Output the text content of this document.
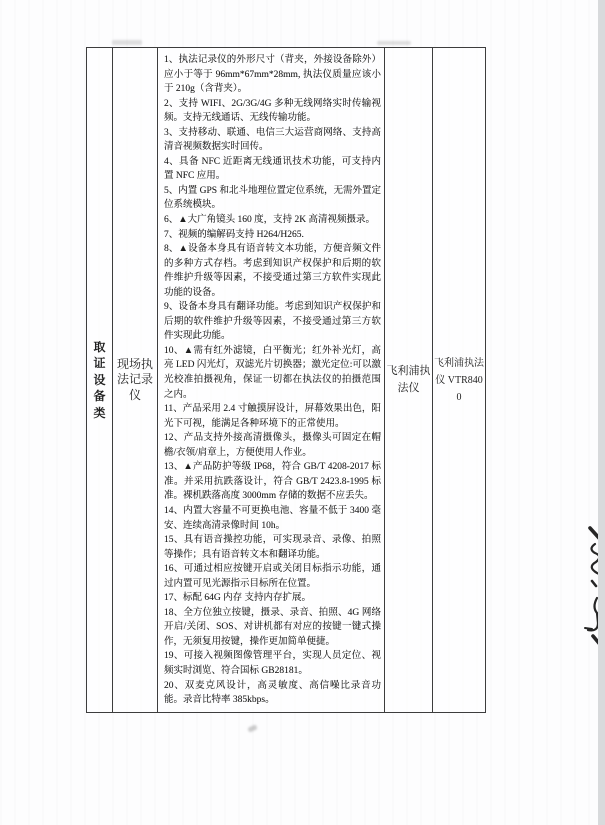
取证设备类
现场执法记录仪

1、执法记录仪的外形尺寸（背夹，外接设备除外）应小于等于 96mm*67mm*28mm, 执法仪质量应该小于 210g（含背夹）。

2、支持 WIFI、2G/3G/4G 多种无线网络实时传输视频。支持无线通话、无线传输功能。

3、支持移动、联通、电信三大运营商网络、支持高清音视频数据实时回传。

4、具备 NFC 近距离无线通讯技术功能，可支持内置 NFC 应用。

5、内置 GPS 和北斗地理位置定位系统，无需外置定位系统模块。

6、▲大广角镜头 160 度，支持 2K 高清视频摄录。

7、视频的编解码支持 H264/H265.

8、▲设备本身具有语音转文本功能，方便音频文件的多种方式存档。考虑到知识产权保护和后期的软件维护升级等因素，不接受通过第三方软件实现此功能的设备。

9、设备本身具有翻译功能。考虑到知识产权保护和后期的软件维护升级等因素，不接受通过第三方软件实现此功能。

10、▲需有红外滤镜，白平衡光；红外补光灯，高亮 LED 闪光灯，双滤光片切换器；激光定位:可以激光校准拍摄视角，保证一切都在执法仪的拍摄范围之内。

11、产品采用 2.4 寸触摸屏设计，屏幕效果出色，阳光下可视，能满足各种环境下的正常使用。

12、产品支持外接高清摄像头，摄像头可固定在帽檐/衣领/肩章上，方便使用人作业。

13、▲产品防护等级 IP68，符合 GB/T 4208-2017 标准。并采用抗跌落设计，符合 GB/T 2423.8-1995 标准。裸机跌落高度 3000mm 存储的数据不应丢失。

14、内置大容量不可更换电池、容量不低于 3400 毫安、连续高清录像时间 10h。

15、具有语音操控功能，可实现录音、录像、拍照等操作；具有语音转文本和翻译功能。

16、可通过相应按键开启或关闭目标指示功能，通过内置可见光源指示目标所在位置。

17、标配 64G 内存 支持内存扩展。

18、全方位独立按键，摄录、录音、拍照、4G 网络开启/关闭、SOS、对讲机都有对应的按键一键式操作，无须复用按键，操作更加简单便捷。

19、可接入视频图像管理平台，实现人员定位、视频实时浏览、符合国标 GB28181。

20、双麦克风设计，高灵敏度、高信噪比录音功能。录音比特率 385kbps。

飞利浦执法仪
飞利浦执法仪 VTR8400
